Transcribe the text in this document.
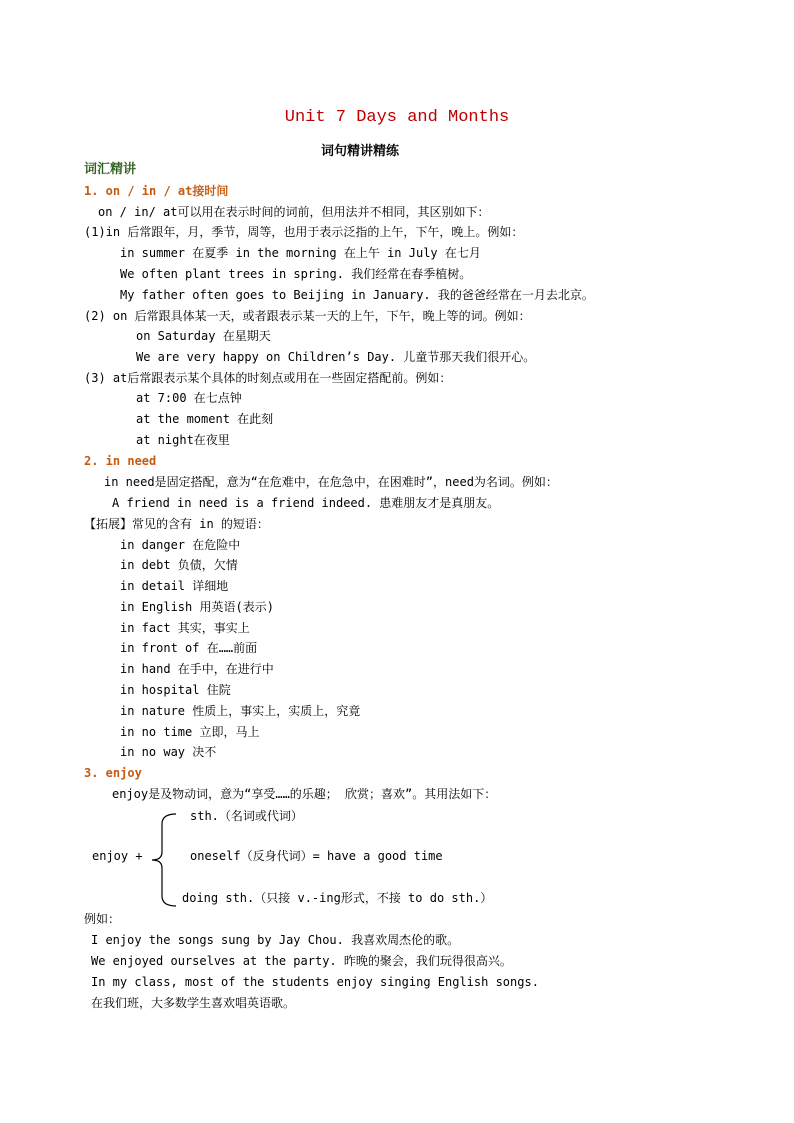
Unit 7 Days and Months
词句精讲精练
词汇精讲
1. on / in / at接时间
on / in/ at可以用在表示时间的词前，但用法并不相同，其区别如下：
(1)in 后常跟年，月，季节，周等，也用于表示泛指的上午，下午，晚上。例如：
in summer 在夏季 in the morning 在上午 in July 在七月
We often plant trees in spring. 我们经常在春季植树。
My father often goes to Beijing in January. 我的爸爸经常在一月去北京。
(2) on 后常跟具体某一天，或者跟表示某一天的上午，下午，晚上等的词。例如：
on Saturday 在星期天
We are very happy on Children’s Day. 儿童节那天我们很开心。
(3) at后常跟表示某个具体的时刻点或用在一些固定搭配前。例如：
at 7:00 在七点钟
at the moment 在此刻
at night在夜里
2. in need
in need是固定搭配，意为“在危难中，在危急中，在困难时”，need为名词。例如：
A friend in need is a friend indeed. 患难朋友才是真朋友。
【拓展】常见的含有 in 的短语：
in danger 在危险中
in debt 负债，欠情
in detail 详细地
in English 用英语(表示)
in fact 其实，事实上
in front of 在……前面
in hand 在手中，在进行中
in hospital 住院
in nature 性质上，事实上，实质上，究竟
in no time 立即，马上
in no way 决不
3. enjoy
enjoy是及物动词，意为“享受……的乐趣； 欣赏；喜欢”。其用法如下：
sth.（名词或代词）
enjoy +	oneself（反身代词）= have a good time
doing sth.（只接 v.-ing形式，不接 to do sth.）
例如：
I enjoy the songs sung by Jay Chou. 我喜欢周杰伦的歌。
We enjoyed ourselves at the party. 昨晚的聚会，我们玩得很高兴。
In my class, most of the students enjoy singing English songs.
在我们班，大多数学生喜欢唱英语歌。
